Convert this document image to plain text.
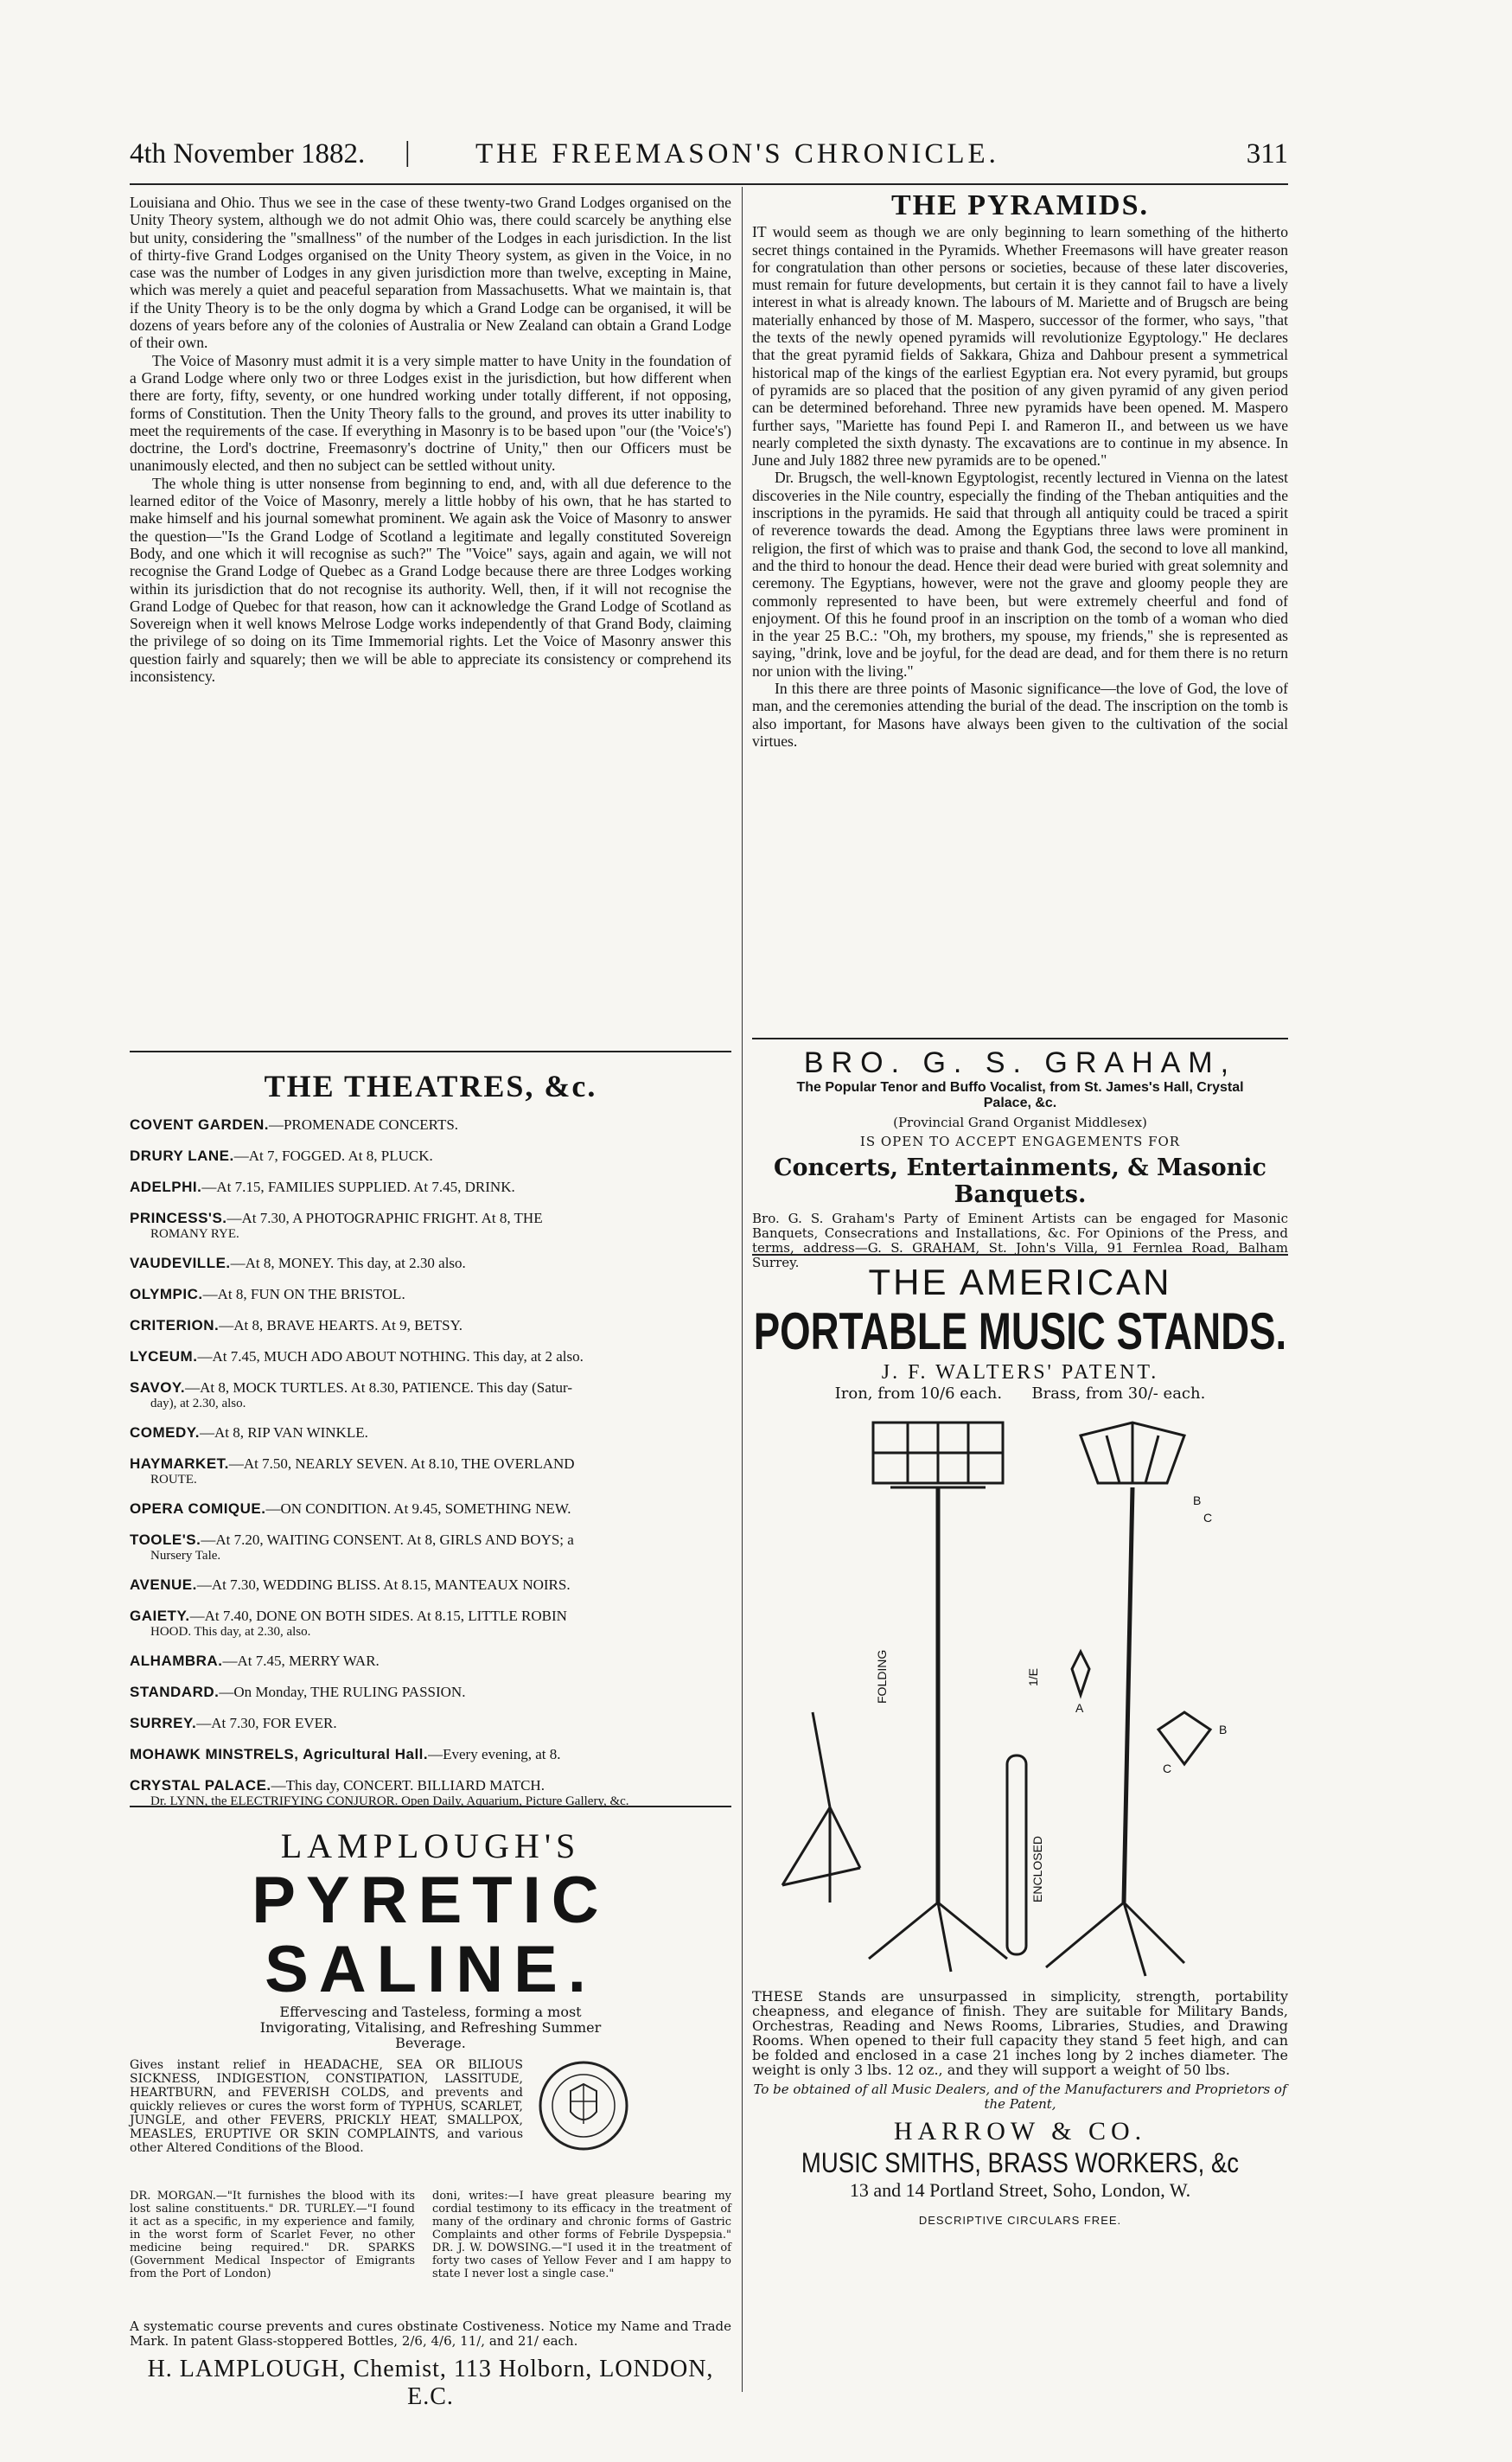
4th November 1882. | THE FREEMASON'S CHRONICLE.	311

Louisiana and Ohio. Thus we see in the case of these twenty-two Grand Lodges organised on the Unity Theory system, although we do not admit Ohio was, there could scarcely be anything else but unity, considering the "smallness" of the number of the Lodges in each jurisdiction. In the list of thirty-five Grand Lodges organised on the Unity Theory system, as given in the Voice, in no case was the number of Lodges in any given jurisdiction more than twelve, excepting in Maine, which was merely a quiet and peaceful separation from Massachusetts. What we maintain is, that if the Unity Theory is to be the only dogma by which a Grand Lodge can be organised, it will be dozens of years before any of the colonies of Australia or New Zealand can obtain a Grand Lodge of their own.

The Voice of Masonry must admit it is a very simple matter to have Unity in the foundation of a Grand Lodge where only two or three Lodges exist in the jurisdiction, but how different when there are forty, fifty, seventy, or one hundred working under totally different, if not opposing, forms of Constitution. Then the Unity Theory falls to the ground, and proves its utter inability to meet the requirements of the case. If everything in Masonry is to be based upon "our (the 'Voice's') doctrine, the Lord's doctrine, Freemasonry's doctrine of Unity," then our Officers must be unanimously elected, and then no subject can be settled without unity.

The whole thing is utter nonsense from beginning to end, and, with all due deference to the learned editor of the Voice of Masonry, merely a little hobby of his own, that he has started to make himself and his journal somewhat prominent. We again ask the Voice of Masonry to answer the question—"Is the Grand Lodge of Scotland a legitimate and legally constituted Sovereign Body, and one which it will recognise as such?" The "Voice" says, again and again, we will not recognise the Grand Lodge of Quebec as a Grand Lodge because there are three Lodges working within its jurisdiction that do not recognise its authority. Well, then, if it will not recognise the Grand Lodge of Quebec for that reason, how can it acknowledge the Grand Lodge of Scotland as Sovereign when it well knows Melrose Lodge works independently of that Grand Body, claiming the privilege of so doing on its Time Immemorial rights. Let the Voice of Masonry answer this question fairly and squarely; then we will be able to appreciate its consistency or comprehend its inconsistency.

THE THEATRES, &c.
COVENT GARDEN.—PROMENADE CONCERTS.
DRURY LANE.—At 7, FOGGED. At 8, PLUCK.
ADELPHI.—At 7.15, FAMILIES SUPPLIED. At 7.45, DRINK.
PRINCESS'S.—At 7.30, A PHOTOGRAPHIC FRIGHT. At 8, THE
ROMANY RYE.
VAUDEVILLE.—At 8, MONEY. This day, at 2.30 also.
OLYMPIC.—At 8, FUN ON THE BRISTOL.
CRITERION.—At 8, BRAVE HEARTS. At 9, BETSY.
LYCEUM.—At 7.45, MUCH ADO ABOUT NOTHING. This day, at 2 also.
SAVOY.—At 8, MOCK TURTLES. At 8.30, PATIENCE. This day (Satur-
day), at 2.30, also.
COMEDY.—At 8, RIP VAN WINKLE.
HAYMARKET.—At 7.50, NEARLY SEVEN. At 8.10, THE OVERLAND
ROUTE.
OPERA COMIQUE.—ON CONDITION. At 9.45, SOMETHING NEW.
TOOLE'S.—At 7.20, WAITING CONSENT. At 8, GIRLS AND BOYS; a
Nursery Tale.
AVENUE.—At 7.30, WEDDING BLISS. At 8.15, MANTEAUX NOIRS.
GAIETY.—At 7.40, DONE ON BOTH SIDES. At 8.15, LITTLE ROBIN
HOOD. This day, at 2.30, also.
ALHAMBRA.—At 7.45, MERRY WAR.
STANDARD.—On Monday, THE RULING PASSION.
SURREY.—At 7.30, FOR EVER.
MOHAWK MINSTRELS, Agricultural Hall.—Every evening, at 8.
CRYSTAL PALACE.—This day, CONCERT. BILLIARD MATCH.
Dr. LYNN, the ELECTRIFYING CONJUROR. Open Daily, Aquarium, Picture Gallery, &c.
LAMPLOUGH'S
PYRETIC SALINE.
Effervescing and Tasteless, forming a most Invigorating, Vitalising, and Refreshing Summer Beverage.
Gives instant relief in HEADACHE, SEA OR BILIOUS SICKNESS, INDIGESTION, CONSTIPATION, LASSITUDE, HEARTBURN, and FEVERISH COLDS, and prevents and quickly relieves or cures the worst form of TYPHUS, SCARLET, JUNGLE, and other FEVERS, PRICKLY HEAT, SMALLPOX, MEASLES, ERUPTIVE OR SKIN COMPLAINTS, and various other Altered Conditions of the Blood.
DR. MORGAN.—"It furnishes the blood with its lost saline constituents." DR. TURLEY.—"I found it act as a specific, in my experience and family, in the worst form of Scarlet Fever, no other medicine being required." DR. SPARKS (Government Medical Inspector of Emigrants from the Port of London)
doni, writes:—I have great pleasure bearing my cordial testimony to its efficacy in the treatment of many of the ordinary and chronic forms of Gastric Complaints and other forms of Febrile Dyspepsia." DR. J. W. DOWSING.—"I used it in the treatment of forty two cases of Yellow Fever and I am happy to state I never lost a single case."
A systematic course prevents and cures obstinate Costiveness. Notice my Name and Trade Mark. In patent Glass-stoppered Bottles, 2/6, 4/6, 11/, and 21/ each.
H. LAMPLOUGH, Chemist, 113 Holborn, LONDON, E.C.
THE PYRAMIDS.

IT would seem as though we are only beginning to learn something of the hitherto secret things contained in the Pyramids. Whether Freemasons will have greater reason for congratulation than other persons or societies, because of these later discoveries, must remain for future developments, but certain it is they cannot fail to have a lively interest in what is already known. The labours of M. Mariette and of Brugsch are being materially enhanced by those of M. Maspero, successor of the former, who says, "that the texts of the newly opened pyramids will revolutionize Egyptology." He declares that the great pyramid fields of Sakkara, Ghiza and Dahbour present a symmetrical historical map of the kings of the earliest Egyptian era. Not every pyramid, but groups of pyramids are so placed that the position of any given pyramid of any given period can be determined beforehand. Three new pyramids have been opened. M. Maspero further says, "Mariette has found Pepi I. and Rameron II., and between us we have nearly completed the sixth dynasty. The excavations are to continue in my absence. In June and July 1882 three new pyramids are to be opened."

Dr. Brugsch, the well-known Egyptologist, recently lectured in Vienna on the latest discoveries in the Nile country, especially the finding of the Theban antiquities and the inscriptions in the pyramids. He said that through all antiquity could be traced a spirit of reverence towards the dead. Among the Egyptians three laws were prominent in religion, the first of which was to praise and thank God, the second to love all mankind, and the third to honour the dead. Hence their dead were buried with great solemnity and ceremony. The Egyptians, however, were not the grave and gloomy people they are commonly represented to have been, but were extremely cheerful and fond of enjoyment. Of this he found proof in an inscription on the tomb of a woman who died in the year 25 B.C.: "Oh, my brothers, my spouse, my friends," she is represented as saying, "drink, love and be joyful, for the dead are dead, and for them there is no return nor union with the living."

In this there are three points of Masonic significance—the love of God, the love of man, and the ceremonies attending the burial of the dead. The inscription on the tomb is also important, for Masons have always been given to the cultivation of the social virtues.

BRO. G. S. GRAHAM,
The Popular Tenor and Buffo Vocalist, from St. James's Hall, Crystal Palace, &c.
(Provincial Grand Organist Middlesex)
IS OPEN TO ACCEPT ENGAGEMENTS FOR
Concerts, Entertainments, & Masonic Banquets.
Bro. G. S. Graham's Party of Eminent Artists can be engaged for Masonic Banquets, Consecrations and Installations, &c. For Opinions of the Press, and terms, address—G. S. GRAHAM, St. John's Villa, 91 Fernlea Road, Balham Surrey.	THE AMERICAN
PORTABLE MUSIC STANDS.
J. F. WALTERS' PATENT.
Iron, from 10/6 each.      Brass, from 30/- each.
FOLDING
ENCLOSED
B
C
B
C
A
1/E
THESE Stands are unsurpassed in simplicity, strength, portability cheapness, and elegance of finish. They are suitable for Military Bands, Orchestras, Reading and News Rooms, Libraries, Studies, and Drawing Rooms. When opened to their full capacity they stand 5 feet high, and can be folded and enclosed in a case 21 inches long by 2 inches diameter. The weight is only 3 lbs. 12 oz., and they will support a weight of 50 lbs.
To be obtained of all Music Dealers, and of the Manufacturers and Proprietors of the Patent,
HARROW & CO.
MUSIC SMITHS, BRASS WORKERS, &c
13 and 14 Portland Street, Soho, London, W.
DESCRIPTIVE CIRCULARS FREE.
